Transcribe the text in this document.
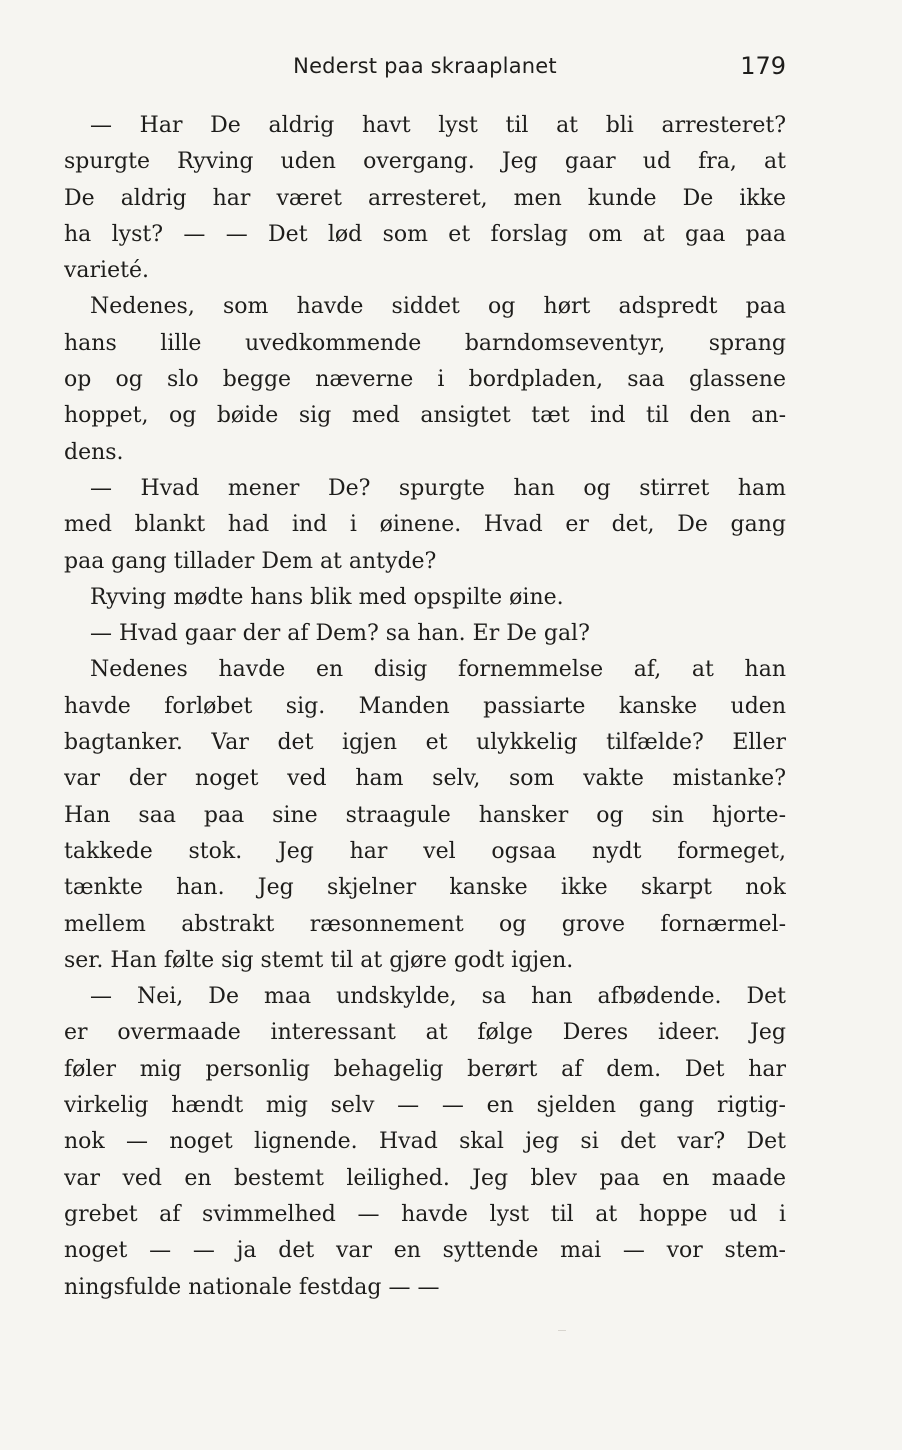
Nederst paa skraaplanet	179
— Har De aldrig havt lyst til at bli arresteret?
spurgte Ryving uden overgang. Jeg gaar ud fra, at
De aldrig har været arresteret, men kunde De ikke
ha lyst? — — Det lød som et forslag om at gaa paa
varieté.
Nedenes, som havde siddet og hørt adspredt paa
hans lille uvedkommende barndomseventyr, sprang
op og slo begge næverne i bordpladen, saa glassene
hoppet, og bøide sig med ansigtet tæt ind til den an-
dens.
— Hvad mener De? spurgte han og stirret ham
med blankt had ind i øinene. Hvad er det, De gang
paa gang tillader Dem at antyde?
Ryving mødte hans blik med opspilte øine.
— Hvad gaar der af Dem? sa han. Er De gal?
Nedenes havde en disig fornemmelse af, at han
havde forløbet sig. Manden passiarte kanske uden
bagtanker. Var det igjen et ulykkelig tilfælde? Eller
var der noget ved ham selv, som vakte mistanke?
Han saa paa sine straagule hansker og sin hjorte-
takkede stok. Jeg har vel ogsaa nydt formeget,
tænkte han. Jeg skjelner kanske ikke skarpt nok
mellem abstrakt ræsonnement og grove fornærmel-
ser. Han følte sig stemt til at gjøre godt igjen.
— Nei, De maa undskylde, sa han afbødende. Det
er overmaade interessant at følge Deres ideer. Jeg
føler mig personlig behagelig berørt af dem. Det har
virkelig hændt mig selv — — en sjelden gang rigtig-
nok — noget lignende. Hvad skal jeg si det var? Det
var ved en bestemt leilighed. Jeg blev paa en maade
grebet af svimmelhed — havde lyst til at hoppe ud i
noget — — ja det var en syttende mai — vor stem-
ningsfulde nationale festdag — —
